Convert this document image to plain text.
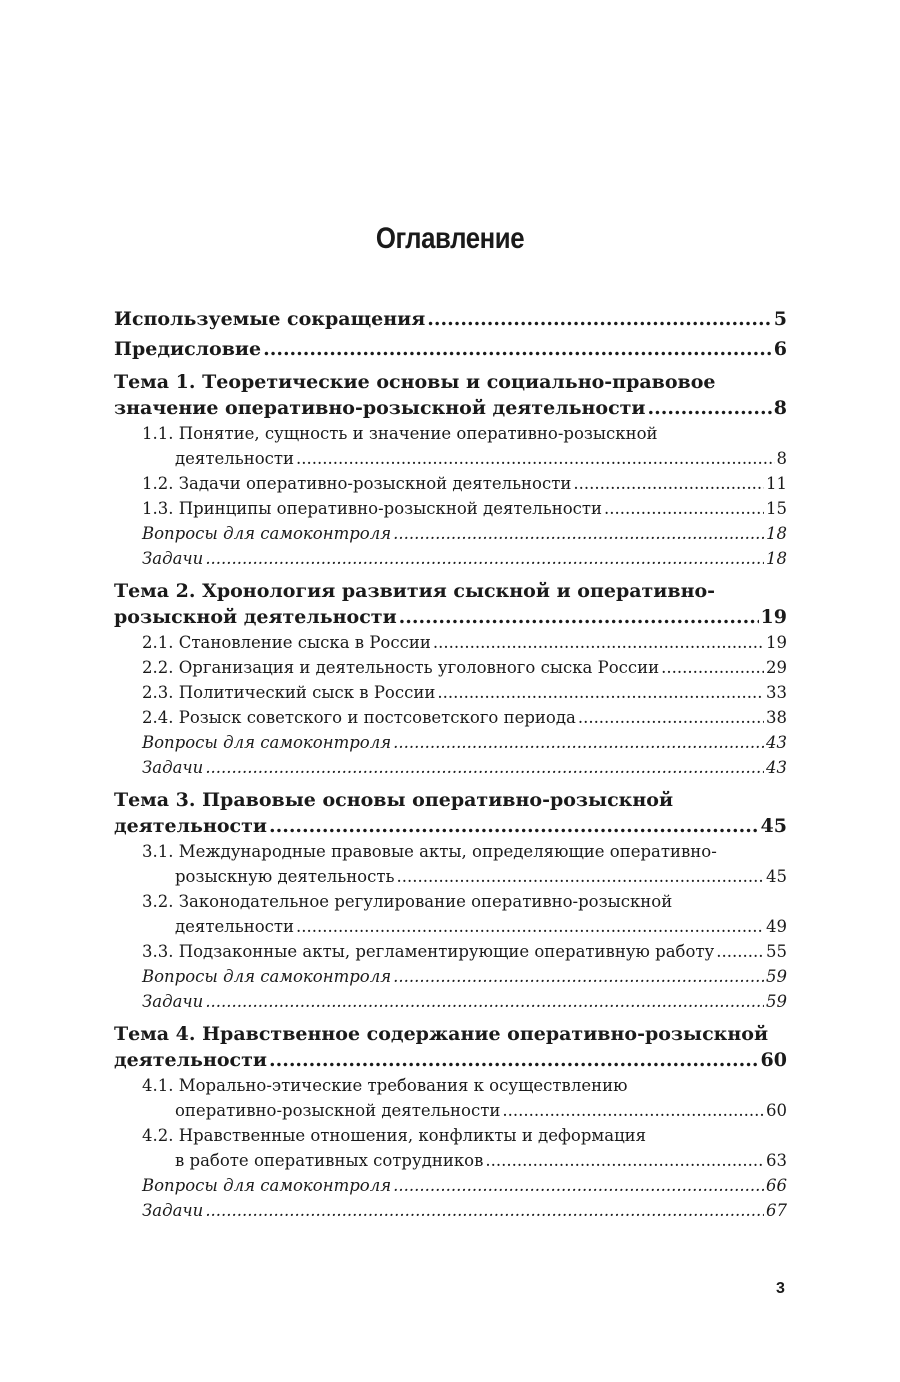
Оглавление
Используемые сокращения .....	5
Предисловие .....	6
Тема 1. Теоретические основы и социально-правовое
значение оперативно-розыскной деятельности .....	8
1.1. Понятие, сущность и значение оперативно-розыскной
деятельности .....	8
1.2. Задачи оперативно-розыскной деятельности .....	11
1.3. Принципы оперативно-розыскной деятельности .....	15
Вопросы для самоконтроля .....	18
Задачи .....	18
Тема 2. Хронология развития сыскной и оперативно-
розыскной деятельности .....	19
2.1. Становление сыска в России .....	19
2.2. Организация и деятельность уголовного сыска России .....	29
2.3. Политический сыск в России .....	33
2.4. Розыск советского и постсоветского периода .....	38
Вопросы для самоконтроля .....	43
Задачи .....	43
Тема 3. Правовые основы оперативно-розыскной
деятельности .....	45
3.1. Международные правовые акты, определяющие оперативно-
розыскную деятельность .....	45
3.2. Законодательное регулирование оперативно-розыскной
деятельности .....	49
3.3. Подзаконные акты, регламентирующие оперативную работу .....	55
Вопросы для самоконтроля .....	59
Задачи .....	59
Тема 4. Нравственное содержание оперативно-розыскной
деятельности .....	60
4.1. Морально-этические требования к осуществлению
оперативно-розыскной деятельности .....	60
4.2. Нравственные отношения, конфликты и деформация
в работе оперативных сотрудников .....	63
Вопросы для самоконтроля .....	66
Задачи .....	67
3
